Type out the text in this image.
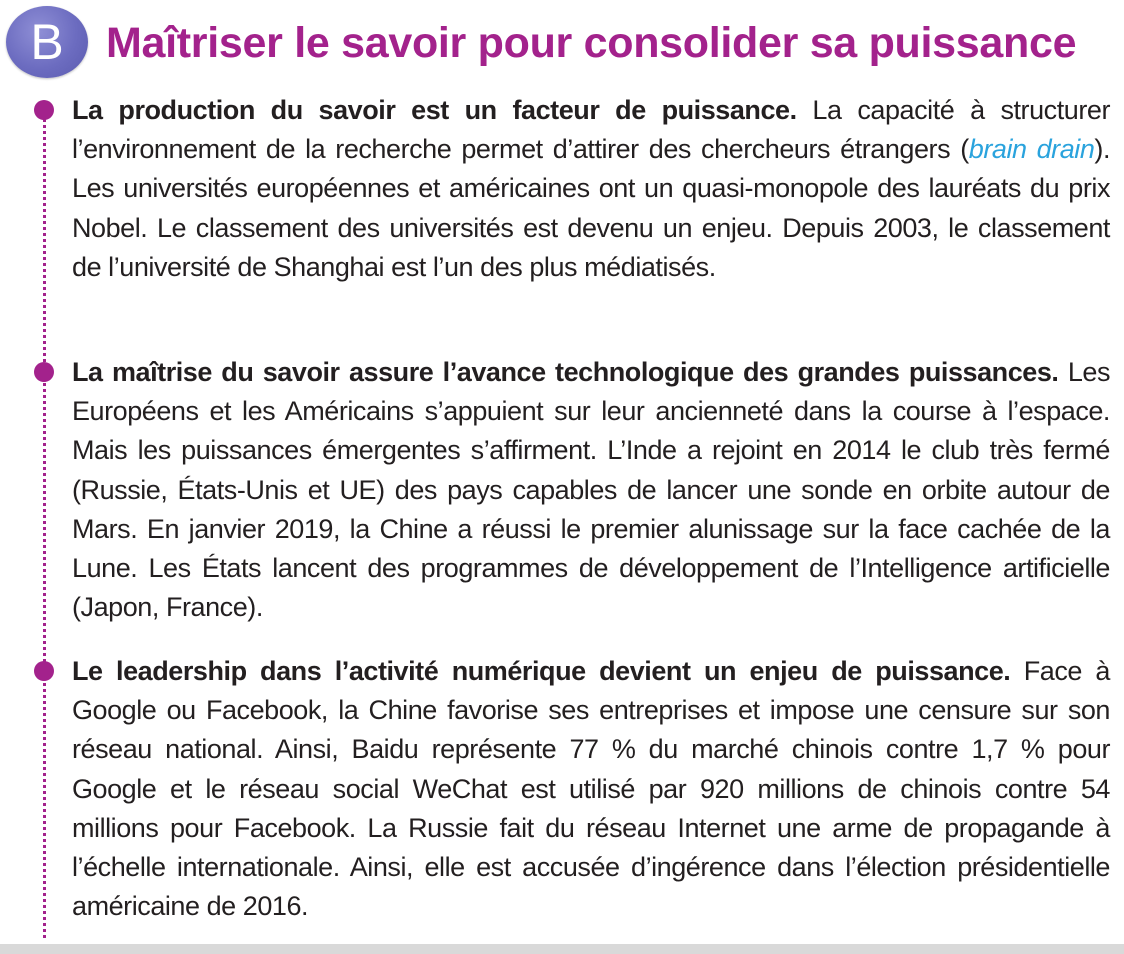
B Maîtriser le savoir pour consolider sa puissance

La production du savoir est un facteur de puissance. La capacité à structurer l’environnement de la recherche permet d’attirer des chercheurs étrangers (brain drain). Les universités européennes et américaines ont un quasi-monopole des lauréats du prix Nobel. Le classement des universités est devenu un enjeu. Depuis 2003, le classement de l’université de Shanghai est l’un des plus médiatisés.

La maîtrise du savoir assure l’avance technologique des grandes puissances. Les Européens et les Américains s’appuient sur leur ancienneté dans la course à l’espace. Mais les puissances émergentes s’affirment. L’Inde a rejoint en 2014 le club très fermé (Russie, États-Unis et UE) des pays capables de lancer une sonde en orbite autour de Mars. En janvier 2019, la Chine a réussi le premier alunissage sur la face cachée de la Lune. Les États lancent des programmes de développement de l’Intelligence artificielle (Japon, France).

Le leadership dans l’activité numérique devient un enjeu de puissance. Face à Google ou Facebook, la Chine favorise ses entreprises et impose une censure sur son réseau national. Ainsi, Baidu représente 77 % du marché chinois contre 1,7 % pour Google et le réseau social WeChat est utilisé par 920 millions de chinois contre 54 millions pour Facebook. La Russie fait du réseau Internet une arme de propagande à l’échelle internationale. Ainsi, elle est accusée d’ingérence dans l’élection présidentielle américaine de 2016.
